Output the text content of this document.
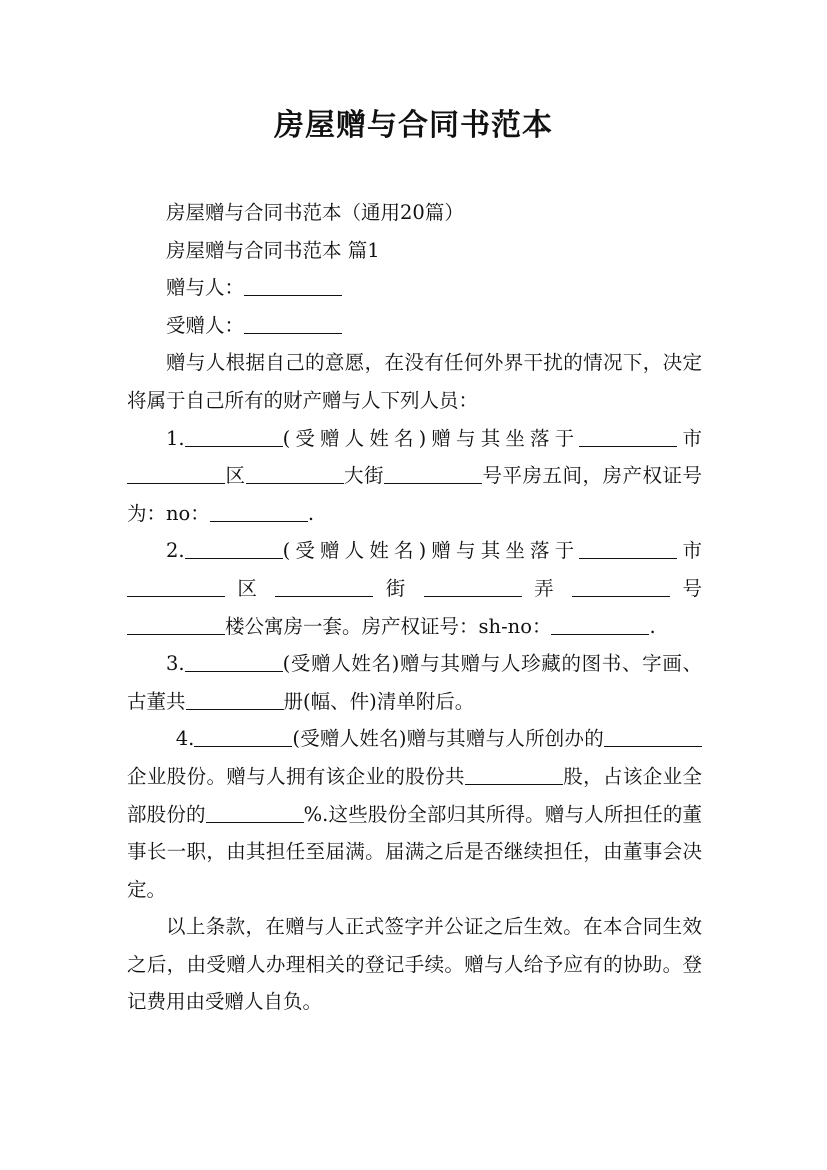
房屋赠与合同书范本

房屋赠与合同书范本（通用20篇）

房屋赠与合同书范本 篇1

赠与人：

受赠人：

赠与人根据自己的意愿，在没有任何外界干扰的情况下，决定将属于自己所有的财产赠与人下列人员：

1.	(受赠人姓名)赠与其坐落于	市 区	大街	号平房五间，房产权证号为：no：	.

2.	(受赠人姓名)赠与其坐落于	市  区	街	弄	号 楼公寓房一套。房产权证号：sh-no：	.

3.	(受赠人姓名)赠与其赠与人珍藏的图书、字画、古董共	册(幅、件)清单附后。

4.	(受赠人姓名)赠与其赠与人所创办的企业股份。赠与人拥有该企业的股份共	股，占该企业全部股份的	%.这些股份全部归其所得。赠与人所担任的董事长一职，由其担任至届满。届满之后是否继续担任，由董事会决定。

以上条款，在赠与人正式签字并公证之后生效。在本合同生效之后，由受赠人办理相关的登记手续。赠与人给予应有的协助。登记费用由受赠人自负。
